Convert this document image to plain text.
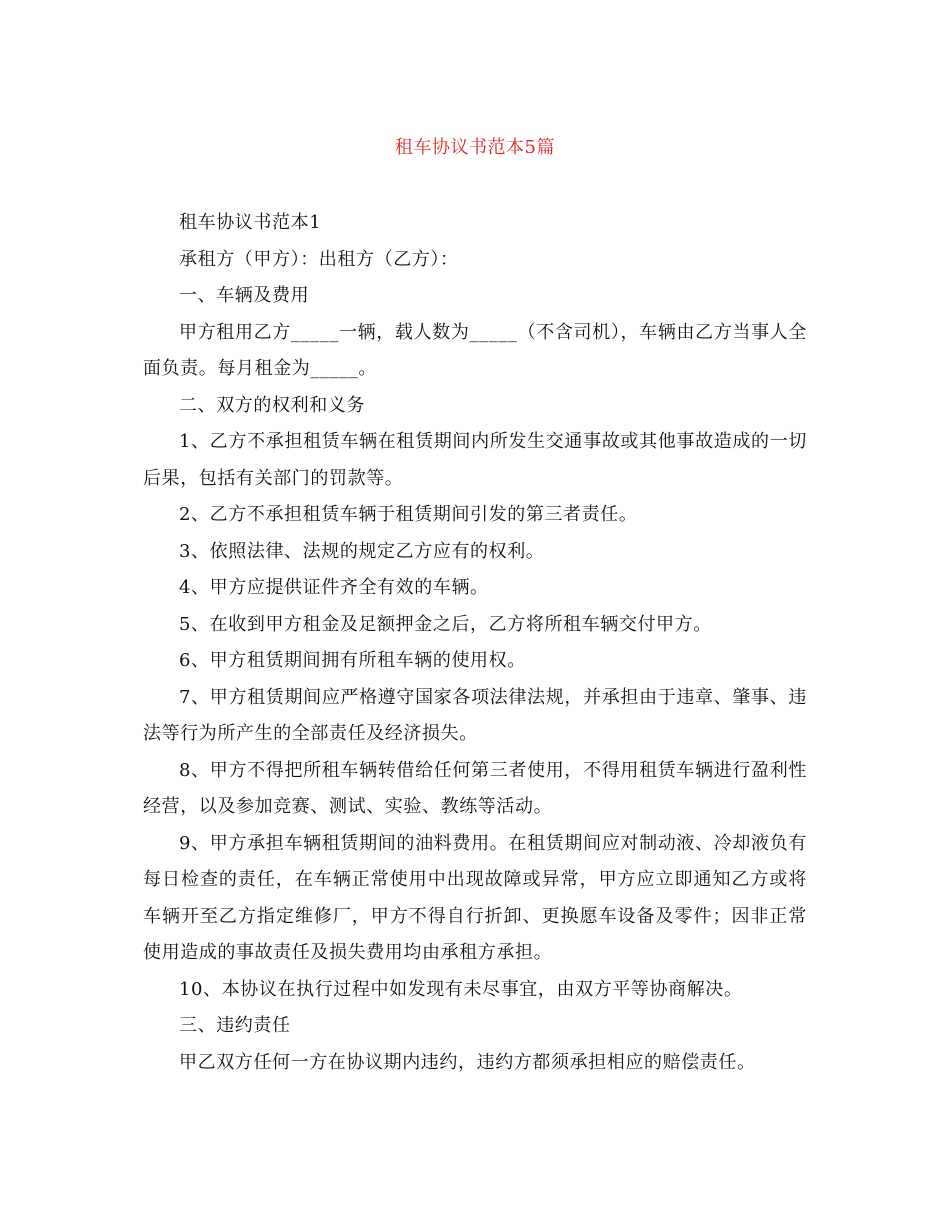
租车协议书范本5篇

租车协议书范本1

承租方（甲方）：出租方（乙方）：

一、车辆及费用

甲方租用乙方_____一辆，载人数为_____（不含司机），车辆由乙方当事人全面负责。每月租金为_____。

二、双方的权利和义务

1、乙方不承担租赁车辆在租赁期间内所发生交通事故或其他事故造成的一切后果，包括有关部门的罚款等。

2、乙方不承担租赁车辆于租赁期间引发的第三者责任。

3、依照法律、法规的规定乙方应有的权利。

4、甲方应提供证件齐全有效的车辆。

5、在收到甲方租金及足额押金之后，乙方将所租车辆交付甲方。

6、甲方租赁期间拥有所租车辆的使用权。

7、甲方租赁期间应严格遵守国家各项法律法规，并承担由于违章、肇事、违法等行为所产生的全部责任及经济损失。

8、甲方不得把所租车辆转借给任何第三者使用，不得用租赁车辆进行盈利性经营，以及参加竞赛、测试、实验、教练等活动。

9、甲方承担车辆租赁期间的油料费用。在租赁期间应对制动液、冷却液负有每日检查的责任，在车辆正常使用中出现故障或异常，甲方应立即通知乙方或将车辆开至乙方指定维修厂，甲方不得自行折卸、更换愿车设备及零件；因非正常使用造成的事故责任及损失费用均由承租方承担。

10、本协议在执行过程中如发现有未尽事宜，由双方平等协商解决。

三、违约责任

甲乙双方任何一方在协议期内违约，违约方都须承担相应的赔偿责任。
